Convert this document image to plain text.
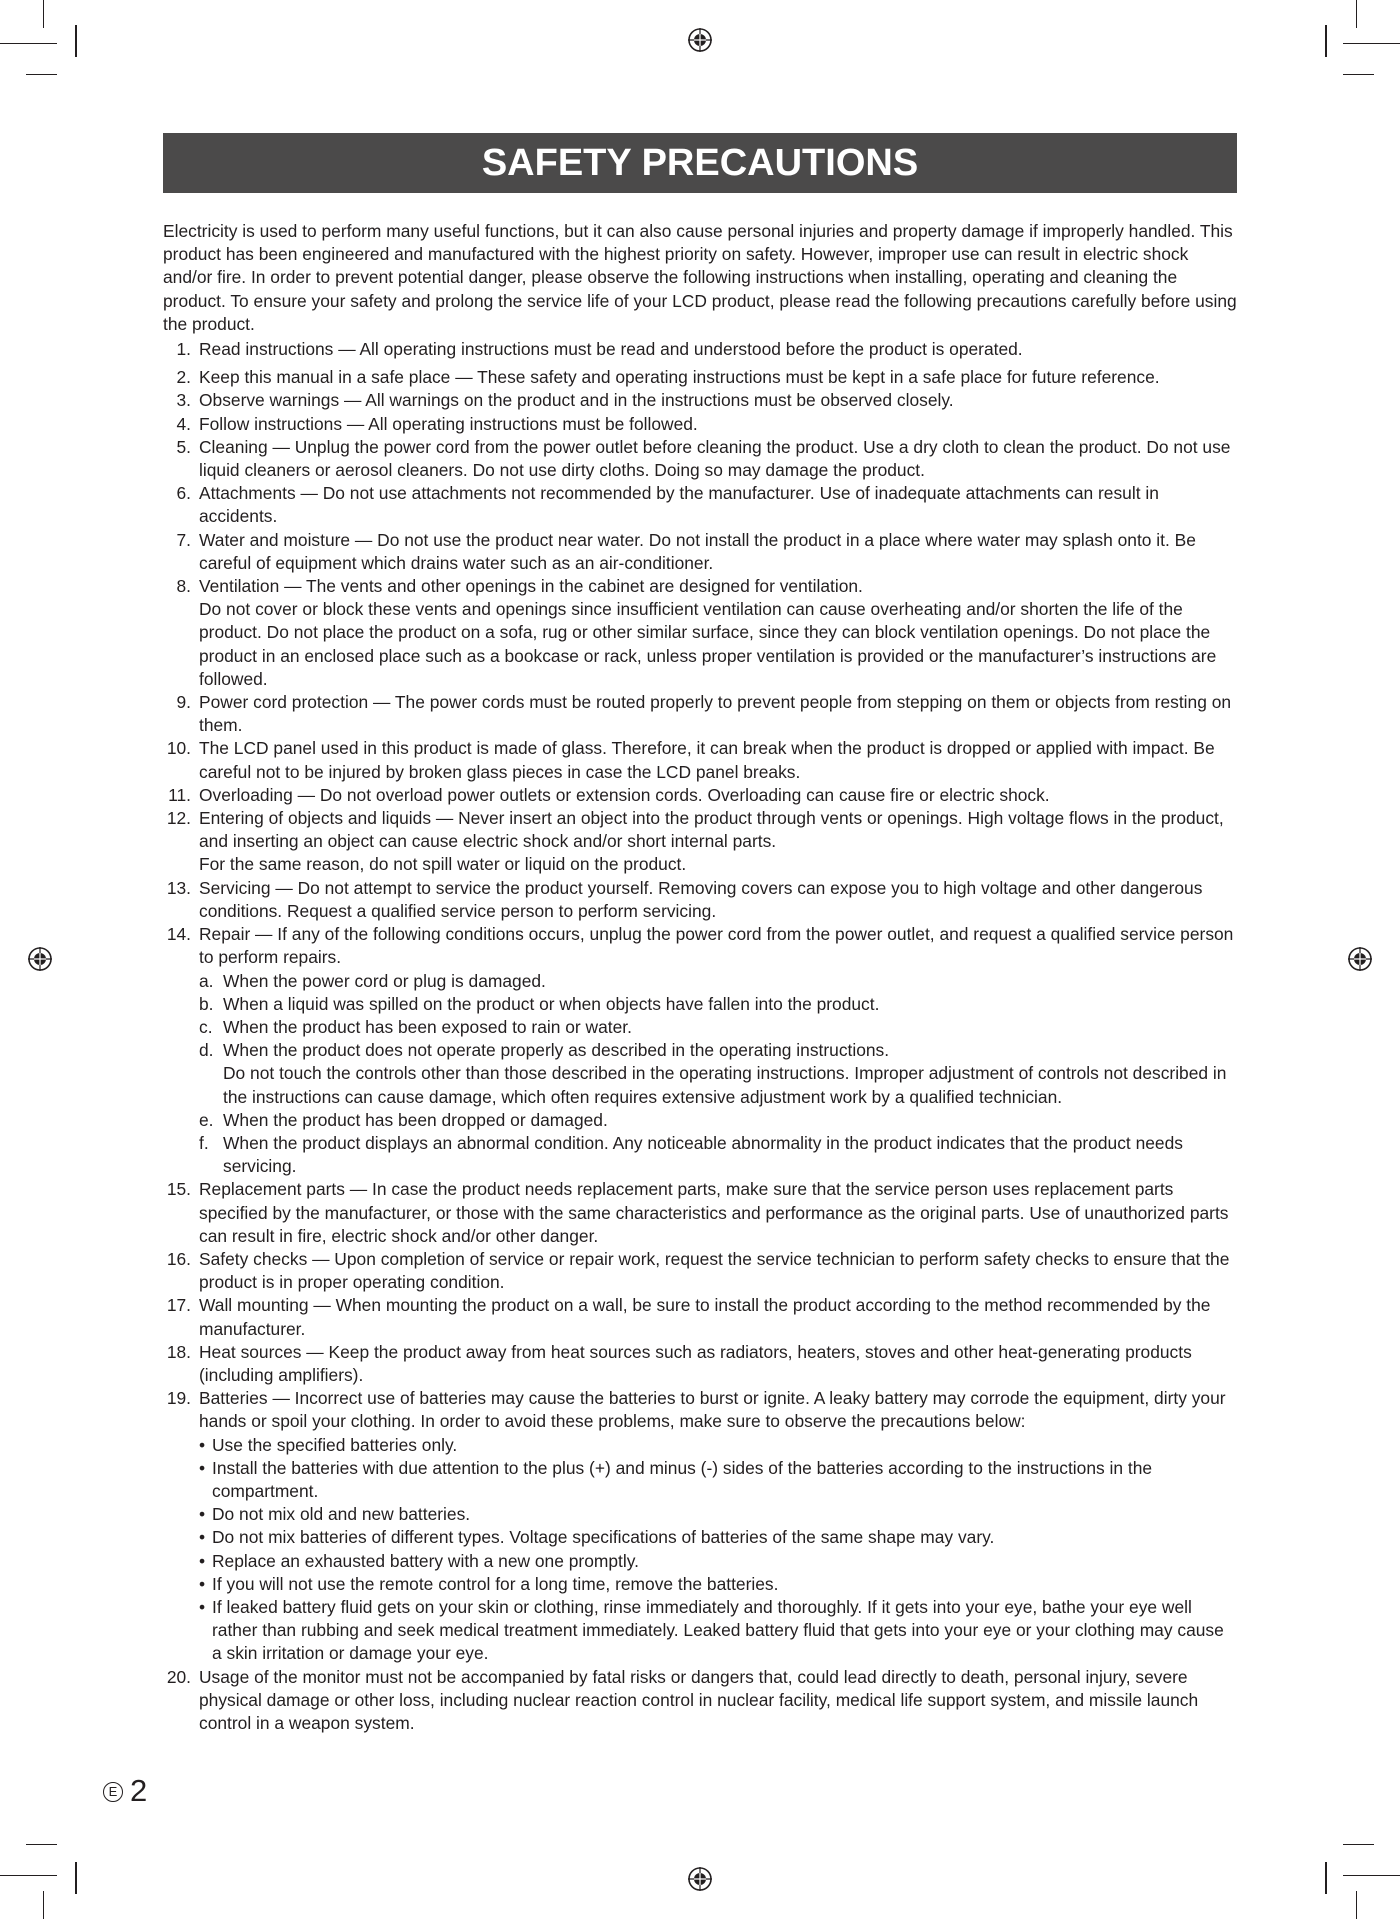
SAFETY PRECAUTIONS

Electricity is used to perform many useful functions, but it can also cause personal injuries and property damage if improperly handled. This product has been engineered and manufactured with the highest priority on safety. However, improper use can result in electric shock and/or fire. In order to prevent potential danger, please observe the following instructions when installing, operating and cleaning the product. To ensure your safety and prolong the service life of your LCD product, please read the following precautions carefully before using the product.

1. Read instructions — All operating instructions must be read and understood before the product is operated.
2. Keep this manual in a safe place — These safety and operating instructions must be kept in a safe place for future reference.
3. Observe warnings — All warnings on the product and in the instructions must be observed closely.
4. Follow instructions — All operating instructions must be followed.
5. Cleaning — Unplug the power cord from the power outlet before cleaning the product. Use a dry cloth to clean the product. Do not use liquid cleaners or aerosol cleaners. Do not use dirty cloths. Doing so may damage the product.
6. Attachments — Do not use attachments not recommended by the manufacturer. Use of inadequate attachments can result in accidents.
7. Water and moisture — Do not use the product near water. Do not install the product in a place where water may splash onto it. Be careful of equipment which drains water such as an air-conditioner.
8. Ventilation — The vents and other openings in the cabinet are designed for ventilation.
Do not cover or block these vents and openings since insufficient ventilation can cause overheating and/or shorten the life of the product. Do not place the product on a sofa, rug or other similar surface, since they can block ventilation openings. Do not place the product in an enclosed place such as a bookcase or rack, unless proper ventilation is provided or the manufacturer’s instructions are followed.
9. Power cord protection — The power cords must be routed properly to prevent people from stepping on them or objects from resting on them.
10. The LCD panel used in this product is made of glass. Therefore, it can break when the product is dropped or applied with impact. Be careful not to be injured by broken glass pieces in case the LCD panel breaks.
11. Overloading — Do not overload power outlets or extension cords. Overloading can cause fire or electric shock.
12. Entering of objects and liquids — Never insert an object into the product through vents or openings. High voltage flows in the product, and inserting an object can cause electric shock and/or short internal parts.
For the same reason, do not spill water or liquid on the product.
13. Servicing — Do not attempt to service the product yourself. Removing covers can expose you to high voltage and other dangerous conditions. Request a qualified service person to perform servicing.
14. Repair — If any of the following conditions occurs, unplug the power cord from the power outlet, and request a qualified service person to perform repairs.
a. When the power cord or plug is damaged.
b. When a liquid was spilled on the product or when objects have fallen into the product.
c. When the product has been exposed to rain or water.
d. When the product does not operate properly as described in the operating instructions.
Do not touch the controls other than those described in the operating instructions. Improper adjustment of controls not described in the instructions can cause damage, which often requires extensive adjustment work by a qualified technician.
e. When the product has been dropped or damaged.
f. When the product displays an abnormal condition. Any noticeable abnormality in the product indicates that the product needs servicing.
15. Replacement parts — In case the product needs replacement parts, make sure that the service person uses replacement parts specified by the manufacturer, or those with the same characteristics and performance as the original parts. Use of unauthorized parts can result in fire, electric shock and/or other danger.
16. Safety checks — Upon completion of service or repair work, request the service technician to perform safety checks to ensure that the product is in proper operating condition.
17. Wall mounting — When mounting the product on a wall, be sure to install the product according to the method recommended by the manufacturer.
18. Heat sources — Keep the product away from heat sources such as radiators, heaters, stoves and other heat-generating products (including amplifiers).
19. Batteries — Incorrect use of batteries may cause the batteries to burst or ignite. A leaky battery may corrode the equipment, dirty your hands or spoil your clothing. In order to avoid these problems, make sure to observe the precautions below:
• Use the specified batteries only.
• Install the batteries with due attention to the plus (+) and minus (-) sides of the batteries according to the instructions in the compartment.
• Do not mix old and new batteries.
• Do not mix batteries of different types. Voltage specifications of batteries of the same shape may vary.
• Replace an exhausted battery with a new one promptly.
• If you will not use the remote control for a long time, remove the batteries.
• If leaked battery fluid gets on your skin or clothing, rinse immediately and thoroughly. If it gets into your eye, bathe your eye well rather than rubbing and seek medical treatment immediately. Leaked battery fluid that gets into your eye or your clothing may cause a skin irritation or damage your eye.
20. Usage of the monitor must not be accompanied by fatal risks or dangers that, could lead directly to death, personal injury, severe physical damage or other loss, including nuclear reaction control in nuclear facility, medical life support system, and missile launch control in a weapon system.
E 2
